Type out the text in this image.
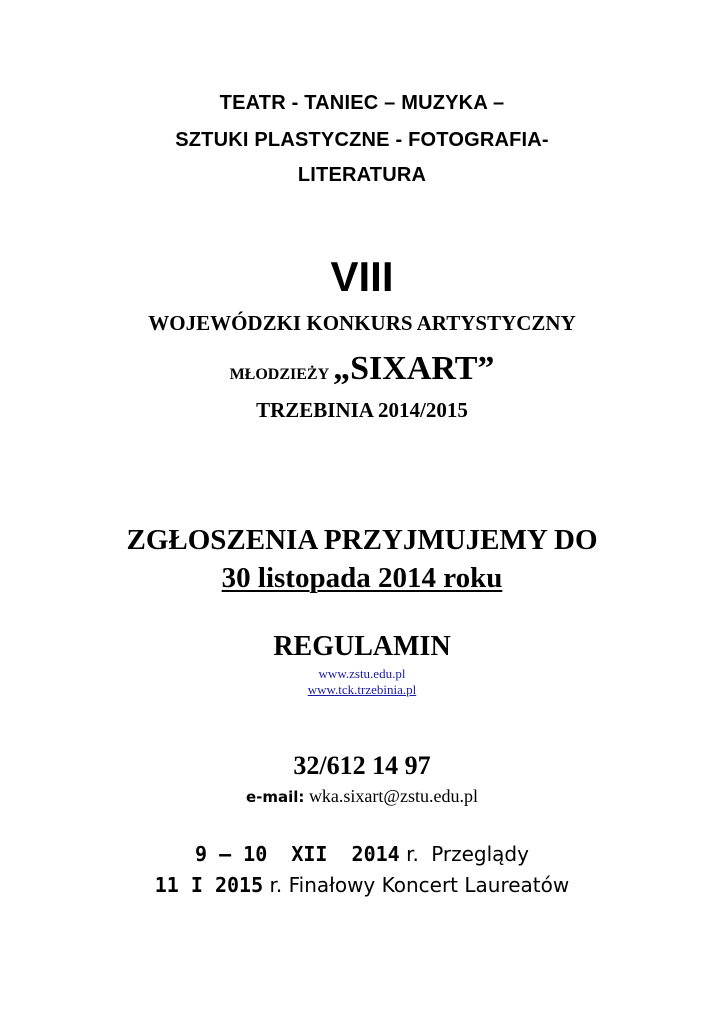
TEATR - TANIEC – MUZYKA –
SZTUKI PLASTYCZNE - FOTOGRAFIA-
LITERATURA
VIII
WOJEWÓDZKI KONKURS ARTYSTYCZNY
MŁODZIEŻY „SIXART”
TRZEBINIA 2014/2015
ZGŁOSZENIA PRZYJMUJEMY DO
30 listopada 2014 roku
REGULAMIN
www.zstu.edu.pl
www.tck.trzebinia.pl
32/612 14 97
e-mail: wka.sixart@zstu.edu.pl
9 – 10  XII  2014 r. Przeglądy
11 I 2015 r. Finałowy Koncert Laureatów
